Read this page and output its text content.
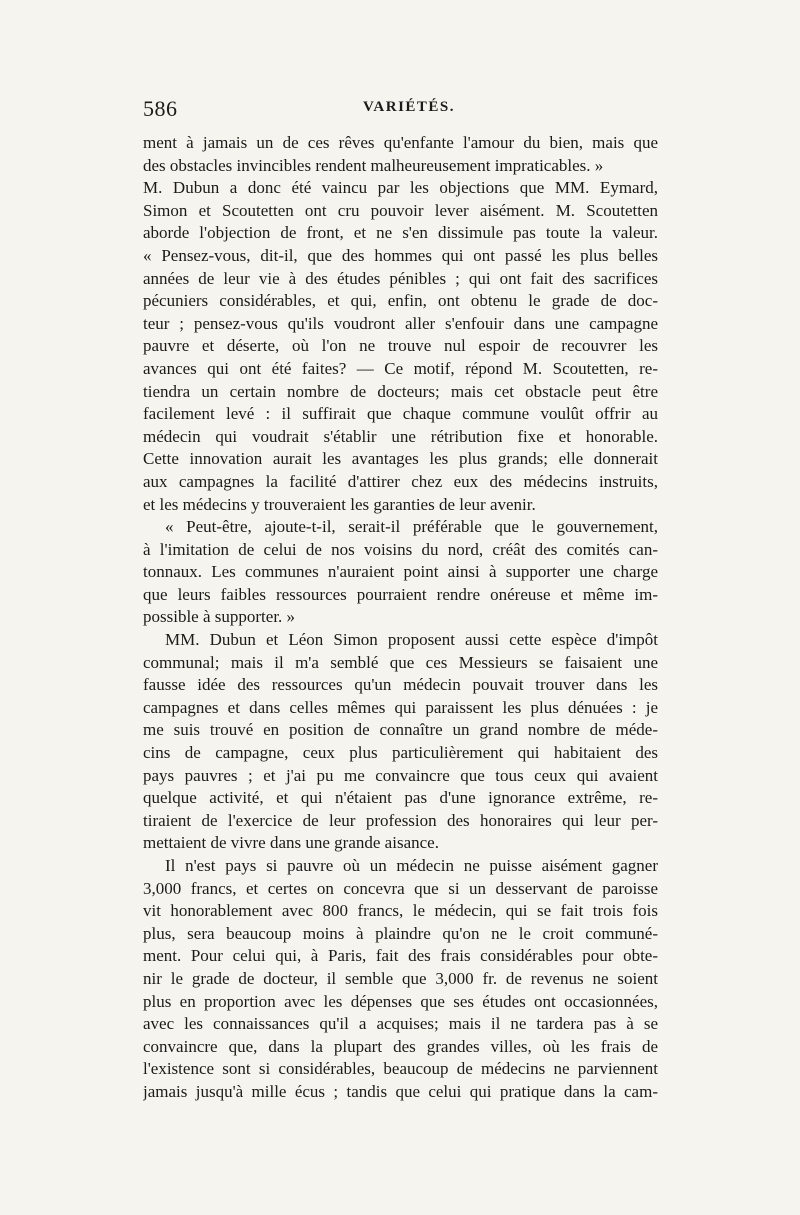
586	VARIÉTÉS.
ment à jamais un de ces rêves qu'enfante l'amour du bien, mais que
des obstacles invincibles rendent malheureusement impraticables. »
M. Dubun a donc été vaincu par les objections que MM. Eymard,
Simon et Scoutetten ont cru pouvoir lever aisément. M. Scoutetten
aborde l'objection de front, et ne s'en dissimule pas toute la valeur.
« Pensez-vous, dit-il, que des hommes qui ont passé les plus belles
années de leur vie à des études pénibles ; qui ont fait des sacrifices
pécuniers considérables, et qui, enfin, ont obtenu le grade de doc-
teur ; pensez-vous qu'ils voudront aller s'enfouir dans une campagne
pauvre et déserte, où l'on ne trouve nul espoir de recouvrer les
avances qui ont été faites? — Ce motif, répond M. Scoutetten, re-
tiendra un certain nombre de docteurs; mais cet obstacle peut être
facilement levé : il suffirait que chaque commune voulût offrir au
médecin qui voudrait s'établir une rétribution fixe et honorable.
Cette innovation aurait les avantages les plus grands; elle donnerait
aux campagnes la facilité d'attirer chez eux des médecins instruits,
et les médecins y trouveraient les garanties de leur avenir.
« Peut-être, ajoute-t-il, serait-il préférable que le gouvernement,
à l'imitation de celui de nos voisins du nord, créât des comités can-
tonnaux. Les communes n'auraient point ainsi à supporter une charge
que leurs faibles ressources pourraient rendre onéreuse et même im-
possible à supporter. »
MM. Dubun et Léon Simon proposent aussi cette espèce d'impôt
communal; mais il m'a semblé que ces Messieurs se faisaient une
fausse idée des ressources qu'un médecin pouvait trouver dans les
campagnes et dans celles mêmes qui paraissent les plus dénuées : je
me suis trouvé en position de connaître un grand nombre de méde-
cins de campagne, ceux plus particulièrement qui habitaient des
pays pauvres ; et j'ai pu me convaincre que tous ceux qui avaient
quelque activité, et qui n'étaient pas d'une ignorance extrême, re-
tiraient de l'exercice de leur profession des honoraires qui leur per-
mettaient de vivre dans une grande aisance.
Il n'est pays si pauvre où un médecin ne puisse aisément gagner
3,000 francs, et certes on concevra que si un desservant de paroisse
vit honorablement avec 800 francs, le médecin, qui se fait trois fois
plus, sera beaucoup moins à plaindre qu'on ne le croit communé-
ment. Pour celui qui, à Paris, fait des frais considérables pour obte-
nir le grade de docteur, il semble que 3,000 fr. de revenus ne soient
plus en proportion avec les dépenses que ses études ont occasionnées,
avec les connaissances qu'il a acquises; mais il ne tardera pas à se
convaincre que, dans la plupart des grandes villes, où les frais de
l'existence sont si considérables, beaucoup de médecins ne parviennent
jamais jusqu'à mille écus ; tandis que celui qui pratique dans la cam-
